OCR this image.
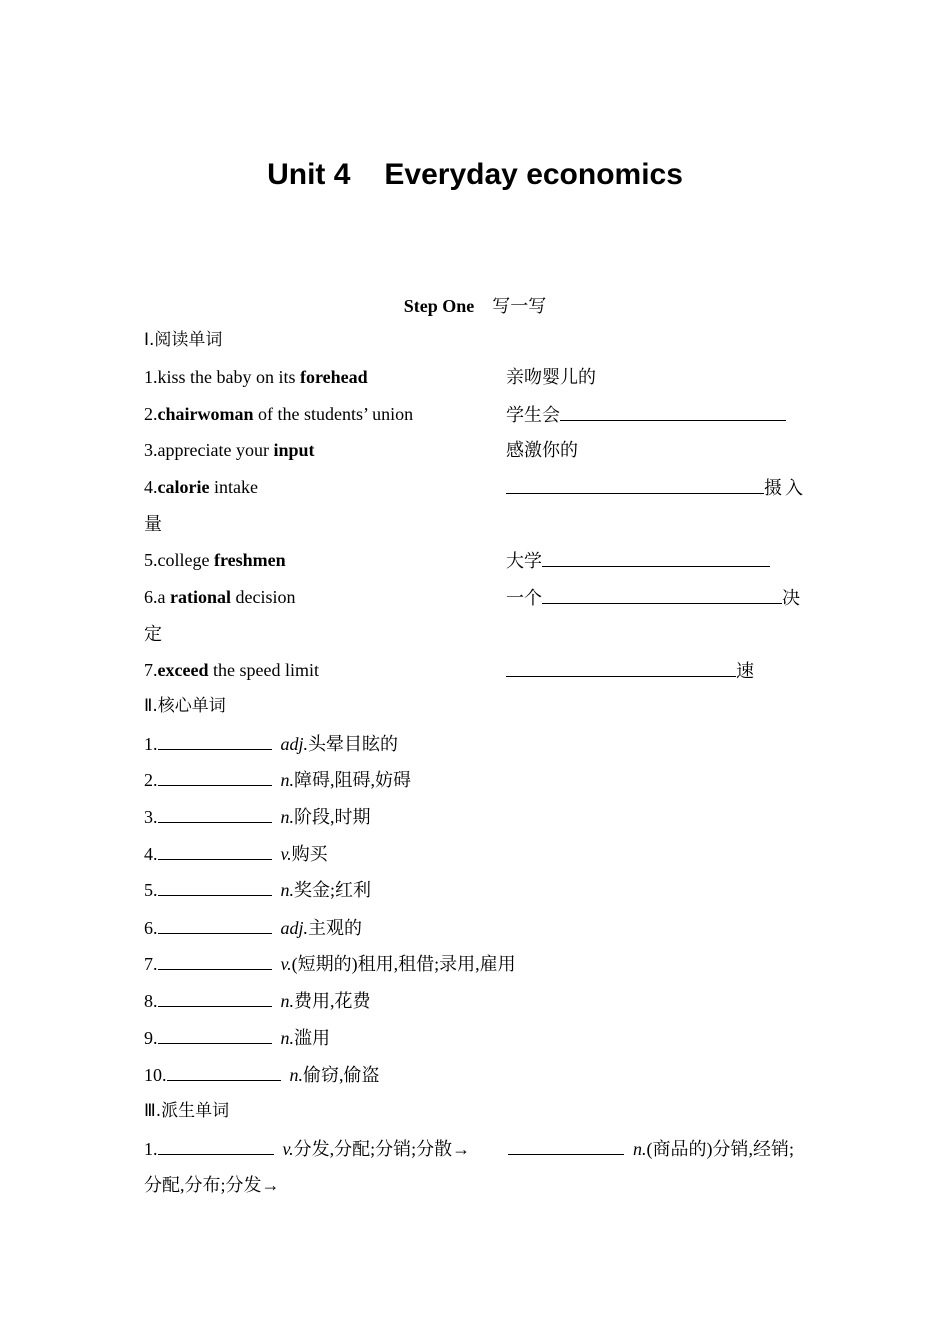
Unit 4 Everyday economics
Step One 写一写
Ⅰ.阅读单词
1.kiss the baby on its forehead	亲吻婴儿的
2.chairwoman of the students’ union	学生会
3.appreciate your input	感激你的
4.calorie intake	摄入
量
5.college freshmen	大学
6.a rational decision	一个	决
定
7.exceed the speed limit	速
Ⅱ.核心单词
1.	adj.头晕目眩的
2.	n.障碍,阻碍,妨碍
3.	n.阶段,时期
4.	v.购买
5.	n.奖金;红利
6.	adj.主观的
7.	v.(短期的)租用,租借;录用,雇用
8.	n.费用,花费
9.	n.滥用
10.	n.偷窃,偷盗
Ⅲ.派生单词
1.	v.分发,分配;分销;分散→	n.(商品的)分销,经销;
分配,分布;分发→
